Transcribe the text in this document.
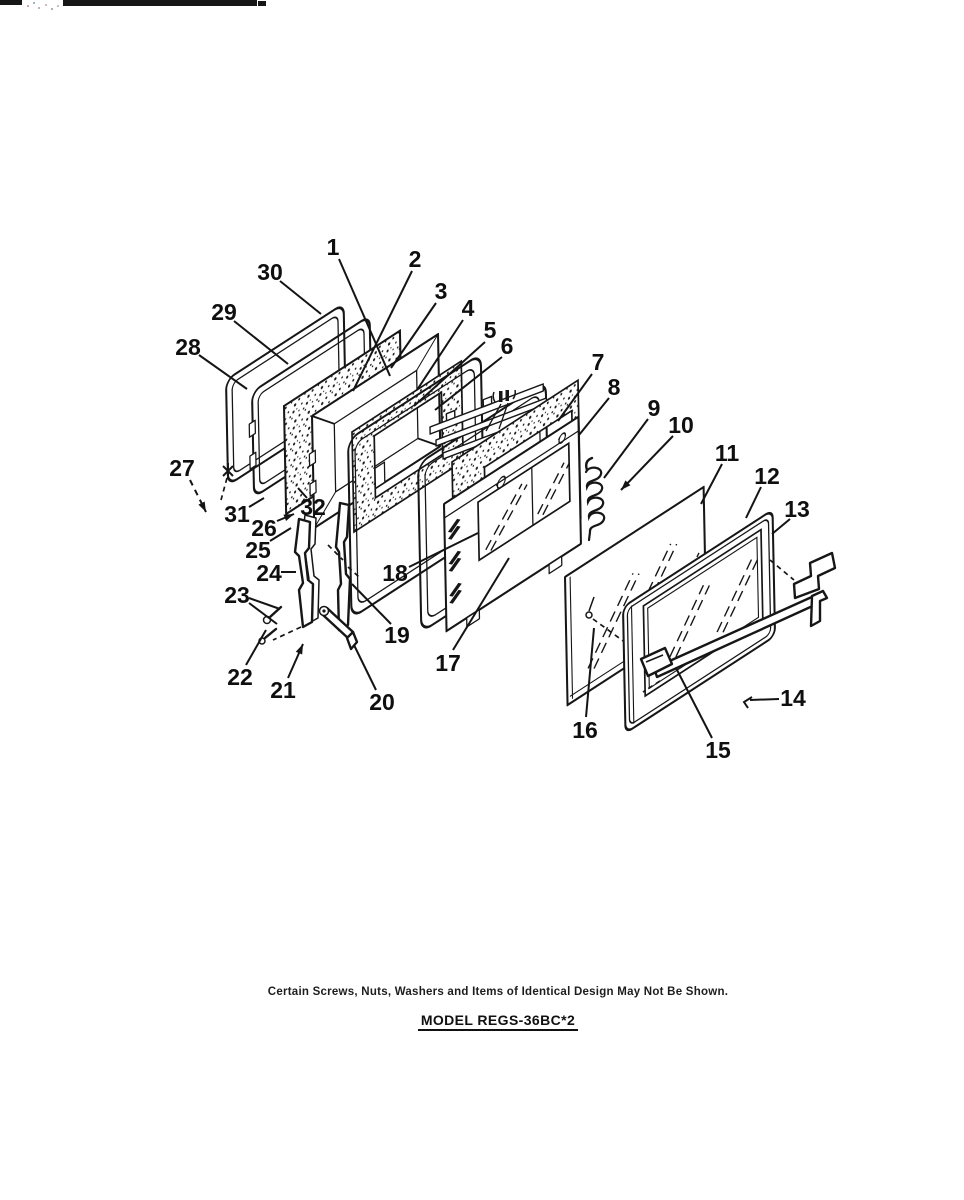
1	2
3
4
5
6
7
8
9
10
11
12
13
14
15
16
17
18
19
20
21
22
23
24
25
26
27
28
29
30
31 32
Certain Screws, Nuts, Washers and Items of Identical Design May Not Be Shown.
MODEL REGS-36BC*2
